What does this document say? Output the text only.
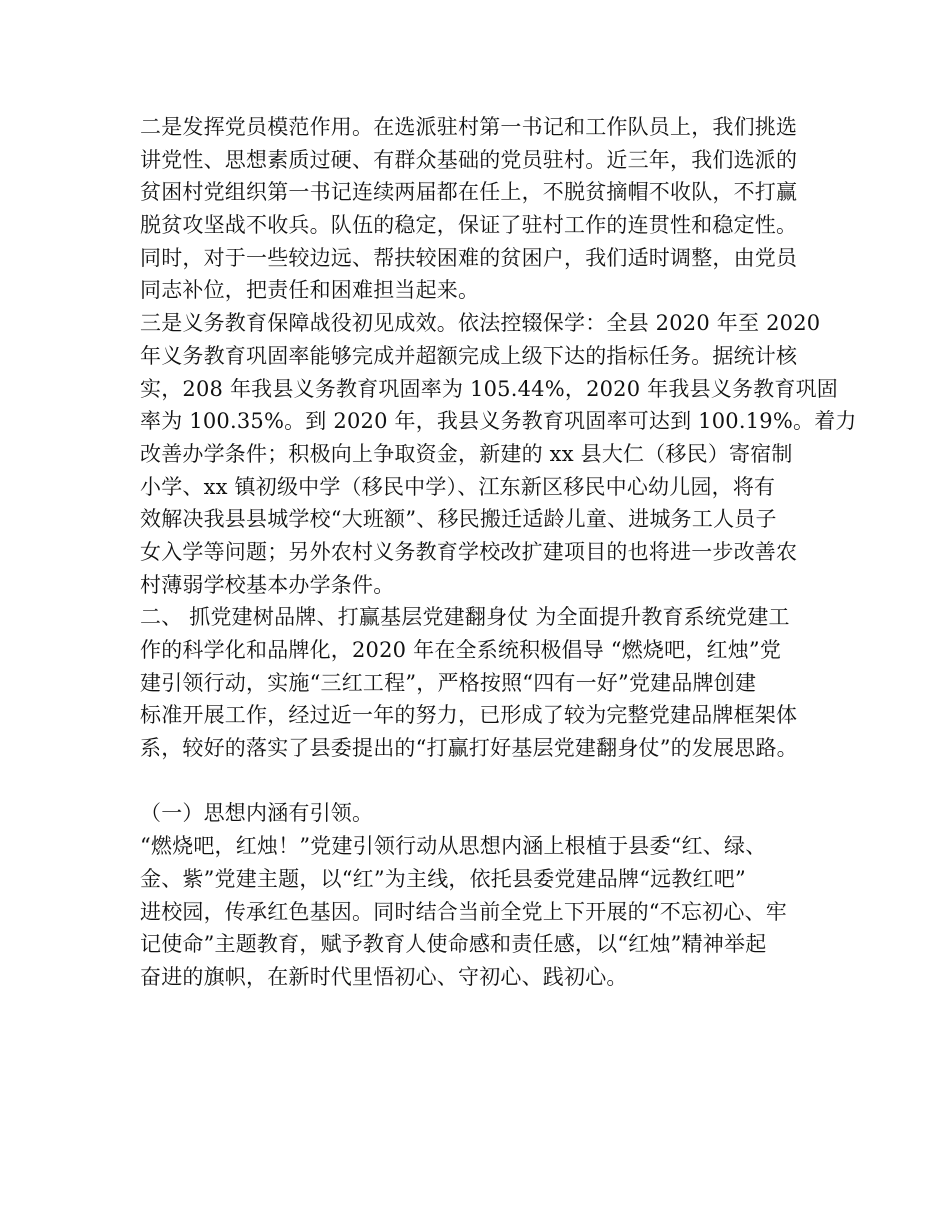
二是发挥党员模范作用。在选派驻村第一书记和工作队员上，我们挑选
讲党性、思想素质过硬、有群众基础的党员驻村。近三年，我们选派的
贫困村党组织第一书记连续两届都在任上，不脱贫摘帽不收队，不打赢
脱贫攻坚战不收兵。队伍的稳定，保证了驻村工作的连贯性和稳定性。
同时，对于一些较边远、帮扶较困难的贫困户，我们适时调整，由党员
同志补位，把责任和困难担当起来。
三是义务教育保障战役初见成效。依法控辍保学：全县 2020 年至 2020
年义务教育巩固率能够完成并超额完成上级下达的指标任务。据统计核
实，208 年我县义务教育巩固率为 105.44%，2020 年我县义务教育巩固
率为 100.35%。到 2020 年，我县义务教育巩固率可达到 100.19%。着力
改善办学条件；积极向上争取资金，新建的 xx 县大仁（移民）寄宿制
小学、xx 镇初级中学（移民中学）、江东新区移民中心幼儿园，将有
效解决我县县城学校“大班额”、移民搬迁适龄儿童、进城务工人员子
女入学等问题；另外农村义务教育学校改扩建项目的也将进一步改善农
村薄弱学校基本办学条件。
二、 抓党建树品牌、打赢基层党建翻身仗 为全面提升教育系统党建工
作的科学化和品牌化，2020 年在全系统积极倡导 “燃烧吧，红烛”党
建引领行动，实施“三红工程”，严格按照“四有一好”党建品牌创建
标准开展工作，经过近一年的努力，已形成了较为完整党建品牌框架体
系，较好的落实了县委提出的“打赢打好基层党建翻身仗”的发展思路。
（一）思想内涵有引领。
“燃烧吧，红烛！”党建引领行动从思想内涵上根植于县委“红、绿、
金、紫”党建主题，以“红”为主线，依托县委党建品牌“远教红吧”
进校园，传承红色基因。同时结合当前全党上下开展的“不忘初心、牢
记使命”主题教育，赋予教育人使命感和责任感，以“红烛”精神举起
奋进的旗帜，在新时代里悟初心、守初心、践初心。
